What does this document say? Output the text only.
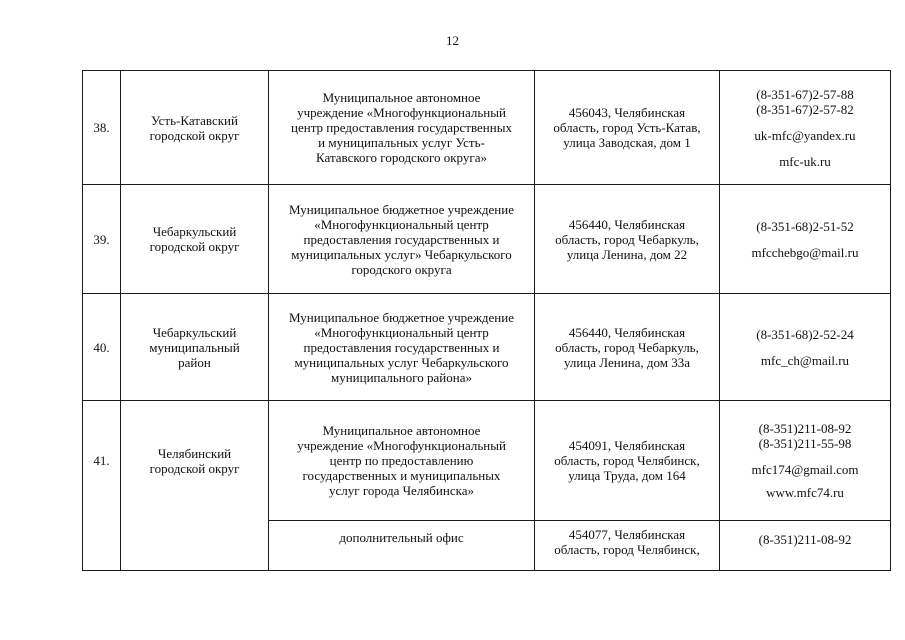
12
38.	Усть-Катавский
городской округ	Муниципальное автономное
учреждение «Многофункциональный
центр предоставления государственных
и муниципальных услуг Усть-
Катавского городского округа»	456043, Челябинская
область, город Усть-Катав,
улица Заводская, дом 1	(8-351-67)2-57-88
(8-351-67)2-57-82
uk-mfc@yandex.ru
mfc-uk.ru

39.	Чебаркульский
городской округ	Муниципальное бюджетное учреждение
«Многофункциональный центр
предоставления государственных и
муниципальных услуг» Чебаркульского
городского округа	456440, Челябинская
область, город Чебаркуль,
улица Ленина, дом 22	(8-351-68)2-51-52
mfcchebgo@mail.ru

40.	Чебаркульский
муниципальный
район	Муниципальное бюджетное учреждение
«Многофункциональный центр
предоставления государственных и
муниципальных услуг Чебаркульского
муниципального района»	456440, Челябинская
область, город Чебаркуль,
улица Ленина, дом 33а	(8-351-68)2-52-24
mfc_ch@mail.ru

41.	Челябинский
городской округ	Муниципальное автономное
учреждение «Многофункциональный
центр по предоставлению
государственных и муниципальных
услуг города Челябинска»	454091, Челябинская
область, город Челябинск,
улица Труда, дом 164	(8-351)211-08-92
(8-351)211-55-98
mfc174@gmail.com
www.mfc74.ru

		дополнительный офис	454077, Челябинская
область, город Челябинск,	(8-351)211-08-92
